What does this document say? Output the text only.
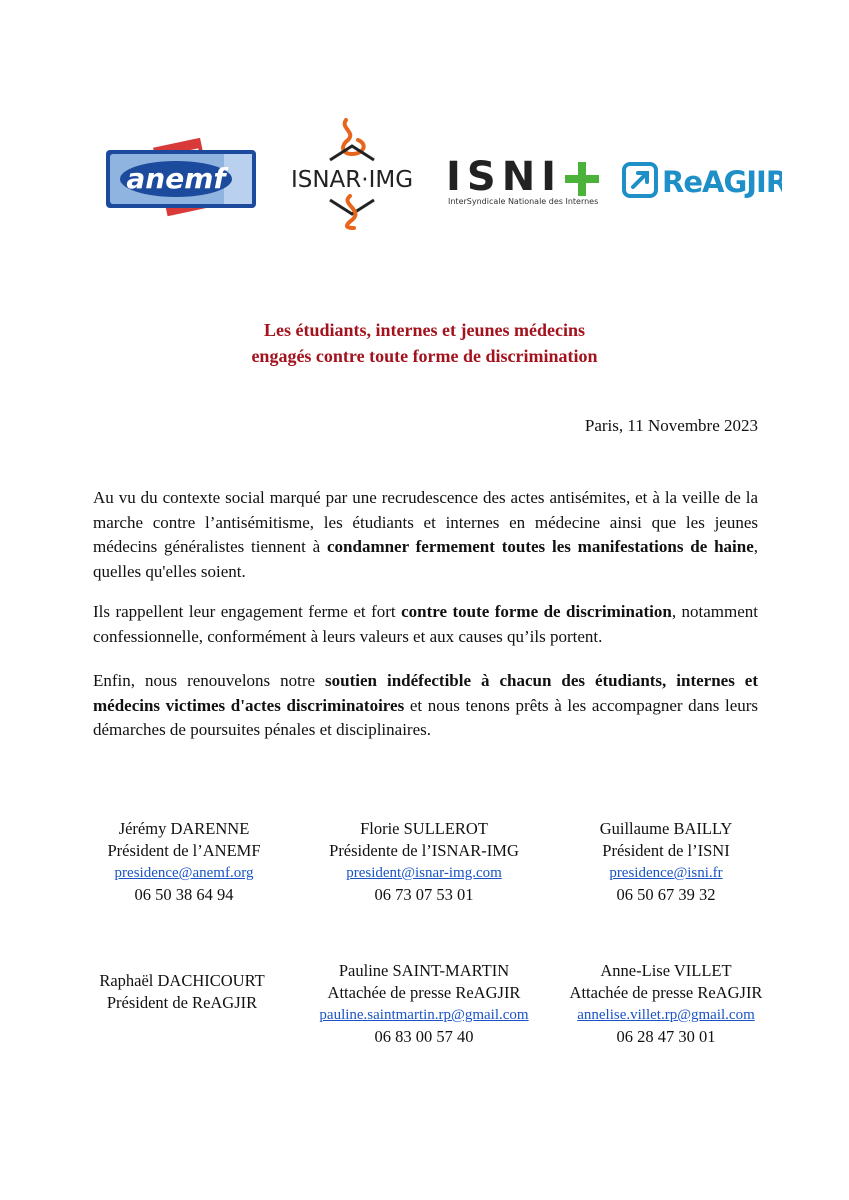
anemf	ISNAR·IMG ISNI
InterSyndicale Nationale des Internes
ReAGJIR
Les étudiants, internes et jeunes médecins
engagés contre toute forme de discrimination
Paris, 11 Novembre 2023
Au vu du contexte social marqué par une recrudescence des actes antisémites, et à la veille de la marche contre l’antisémitisme, les étudiants et internes en médecine ainsi que les jeunes médecins généralistes tiennent à condamner fermement toutes les manifestations de haine, quelles qu'elles soient.
Ils rappellent leur engagement ferme et fort contre toute forme de discrimination, notamment confessionnelle, conformément à leurs valeurs et aux causes qu’ils portent.
Enfin, nous renouvelons notre soutien indéfectible à chacun des étudiants, internes et médecins victimes d'actes discriminatoires et nous tenons prêts à les accompagner dans leurs démarches de poursuites pénales et disciplinaires.
Jérémy DARENNE
Président de l’ANEMF
presidence@anemf.org
06 50 38 64 94
Florie SULLEROT
Présidente de l’ISNAR-IMG
president@isnar-img.com
06 73 07 53 01
Guillaume BAILLY
Président de l’ISNI
presidence@isni.fr
06 50 67 39 32
Raphaël DACHICOURT
Président de ReAGJIR
Pauline SAINT-MARTIN
Attachée de presse ReAGJIR
pauline.saintmartin.rp@gmail.com
06 83 00 57 40
Anne-Lise VILLET
Attachée de presse ReAGJIR
annelise.villet.rp@gmail.com
06 28 47 30 01
